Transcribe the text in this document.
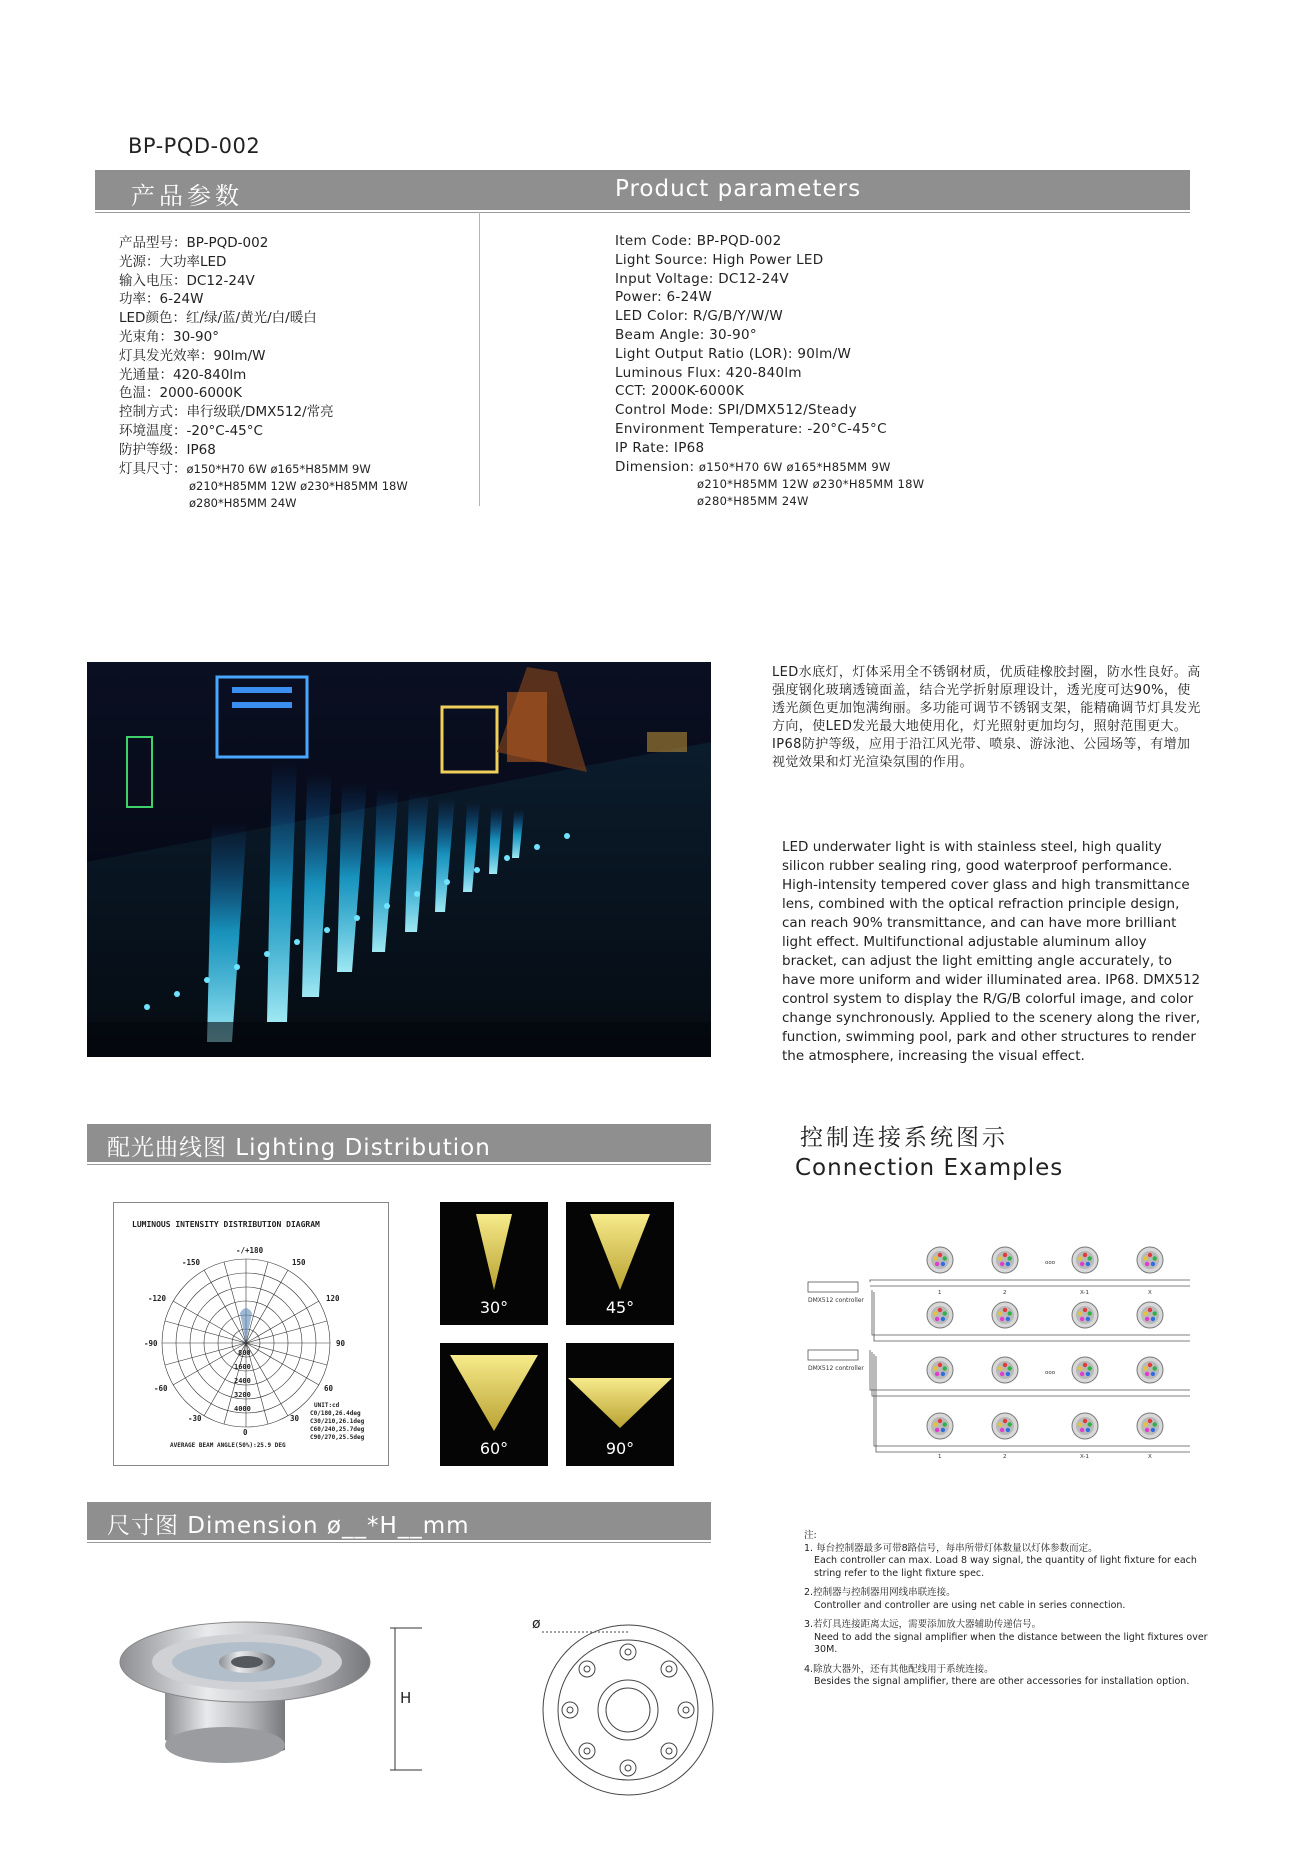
BP-PQD-002
产品参数	Product parameters
产品型号：BP-PQD-002
光源：大功率LED
输入电压：DC12-24V
功率：6-24W
LED颜色：红/绿/蓝/黄光/白/暖白
光束角：30-90°
灯具发光效率：90lm/W
光通量：420-840lm
色温：2000-6000K
控制方式：串行级联/DMX512/常亮
环境温度：-20°C-45°C
防护等级：IP68
灯具尺寸：ø150*H70 6W ø165*H85MM 9W
ø210*H85MM 12W ø230*H85MM 18W
ø280*H85MM 24W
Item Code: BP-PQD-002
Light Source: High Power LED
Input Voltage: DC12-24V
Power: 6-24W
LED Color: R/G/B/Y/W/W
Beam Angle: 30-90°
Light Output Ratio (LOR): 90lm/W
Luminous Flux: 420-840lm
CCT: 2000K-6000K
Control Mode: SPI/DMX512/Steady
Environment Temperature: -20°C-45°C
IP Rate: IP68
Dimension: ø150*H70 6W ø165*H85MM 9W
ø210*H85MM 12W ø230*H85MM 18W
ø280*H85MM 24W
LED水底灯，灯体采用全不锈钢材质，优质硅橡胶封圈，防水性良好。高强度钢化玻璃透镜面盖，结合光学折射原理设计，透光度可达90%，使透光颜色更加饱满绚丽。多功能可调节不锈钢支架，能精确调节灯具发光方向，使LED发光最大地使用化，灯光照射更加均匀，照射范围更大。IP68防护等级，应用于沿江风光带、喷泉、游泳池、公园场等，有增加视觉效果和灯光渲染氛围的作用。
LED underwater light is with stainless steel, high quality silicon rubber sealing ring, good waterproof performance. High-intensity tempered cover glass and high transmittance lens, combined with the optical refraction principle design, can reach 90% transmittance, and can have more brilliant light effect. Multifunctional adjustable aluminum alloy bracket, can adjust the light emitting angle accurately, to have more uniform and wider illuminated area. IP68. DMX512 control system to display the R/G/B colorful image, and color change synchronously. Applied to the scenery along the river, function, swimming pool, park and other structures to render the atmosphere, increasing the visual effect.
配光曲线图 Lighting Distribution	控制连接系统图示
Connection Examples
LUMINOUS INTENSITY DISTRIBUTION DIAGRAM
-/+180
-150	150
-120	120
-90	90
-60	60
-30	30
0
800
1600
2400
3200
4000	UNIT:cd
C0/180,26.4deg
C30/210,26.1deg
C60/240,25.7deg
C90/270,25.5deg
AVERAGE BEAM ANGLE(50%):25.9 DEG
30°	45°
60°	90°
DMX512 controller
DMX512 controller
1	2	X-1	X
ooo
ooo
1	2	X-1	X
尺寸图 Dimension ø__*H__mm
H
ø
注:
1. 每台控制器最多可带8路信号，每串所带灯体数量以灯体参数而定。
Each controller can max. Load 8 way signal, the quantity of light fixture for each string refer to the light fixture spec.
2.控制器与控制器用网线串联连接。
Controller and controller are using net cable in series connection.
3.若灯具连接距离太远，需要添加放大器辅助传递信号。
Need to add the signal amplifier when the distance between the light fixtures over 30M.
4.除放大器外，还有其他配线用于系统连接。
Besides the signal amplifier, there are other accessories for installation option.
